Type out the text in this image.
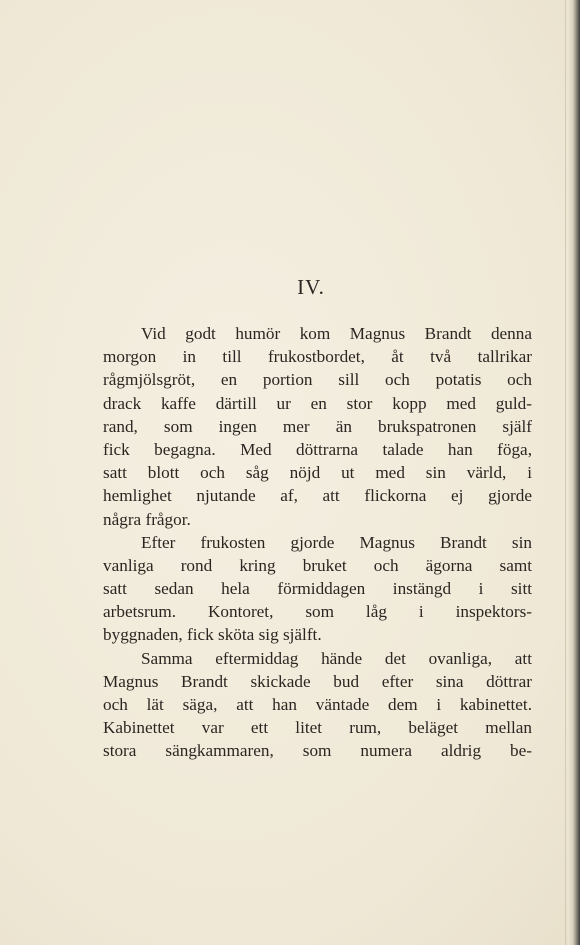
IV.
Vid godt humör kom Magnus Brandt denna
morgon in till frukostbordet, åt två tallrikar
rågmjölsgröt, en portion sill och potatis och
drack kaffe därtill ur en stor kopp med guld-
rand, som ingen mer än brukspatronen själf
fick begagna. Med döttrarna talade han föga,
satt blott och såg nöjd ut med sin värld, i
hemlighet njutande af, att flickorna ej gjorde
några frågor.
Efter frukosten gjorde Magnus Brandt sin
vanliga rond kring bruket och ägorna samt
satt sedan hela förmiddagen instängd i sitt
arbetsrum. Kontoret, som låg i inspektors-
byggnaden, fick sköta sig själft.
Samma eftermiddag hände det ovanliga, att
Magnus Brandt skickade bud efter sina döttrar
och lät säga, att han väntade dem i kabinettet.
Kabinettet var ett litet rum, beläget mellan
stora sängkammaren, som numera aldrig be-
